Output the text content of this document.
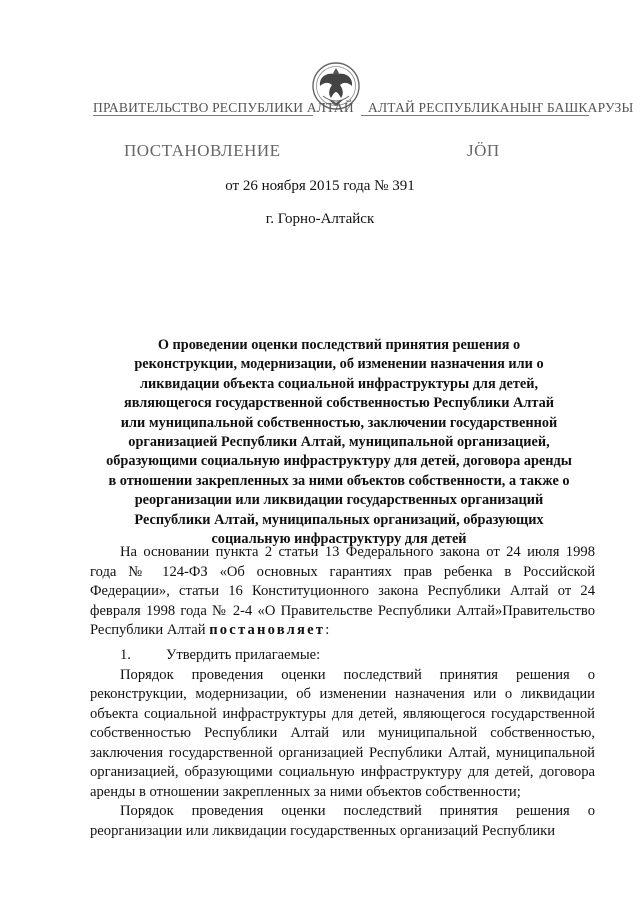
ПРАВИТЕЛЬСТВО РЕСПУБЛИКИ АЛТАЙ АЛТАЙ РЕСПУБЛИКАНЫҤ БАШКАРУЗЫ
ПОСТАНОВЛЕНИЕ	ЈӦП
от 26 ноября 2015 года № 391
г. Горно-Алтайск
О проведении оценки последствий принятия решения о
реконструкции, модернизации, об изменении назначения или о
ликвидации объекта социальной инфраструктуры для детей,
являющегося государственной собственностью Республики Алтай
или муниципальной собственностью, заключении государственной
организацией Республики Алтай, муниципальной организацией,
образующими социальную инфраструктуру для детей, договора аренды
в отношении закрепленных за ними объектов собственности, а также о
реорганизации или ликвидации государственных организаций
Республики Алтай, муниципальных организаций, образующих
социальную инфраструктуру для детей
На основании пункта 2 статьи 13 Федерального закона от 24 июля 1998 года № 124-ФЗ «Об основных гарантиях прав ребенка в Российской Федерации», статьи 16 Конституционного закона Республики Алтай от 24 февраля 1998 года № 2-4 «О Правительстве Республики Алтай»Правительство Республики Алтай постановляет:
1. Утвердить прилагаемые:
Порядок проведения оценки последствий принятия решения о реконструкции, модернизации, об изменении назначения или о ликвидации объекта социальной инфраструктуры для детей, являющегося государственной собственностью Республики Алтай или муниципальной собственностью, заключения государственной организацией Республики Алтай, муниципальной организацией, образующими социальную инфраструктуру для детей, договора аренды в отношении закрепленных за ними объектов собственности;
Порядок проведения оценки последствий принятия решения о реорганизации или ликвидации государственных организаций Республики
